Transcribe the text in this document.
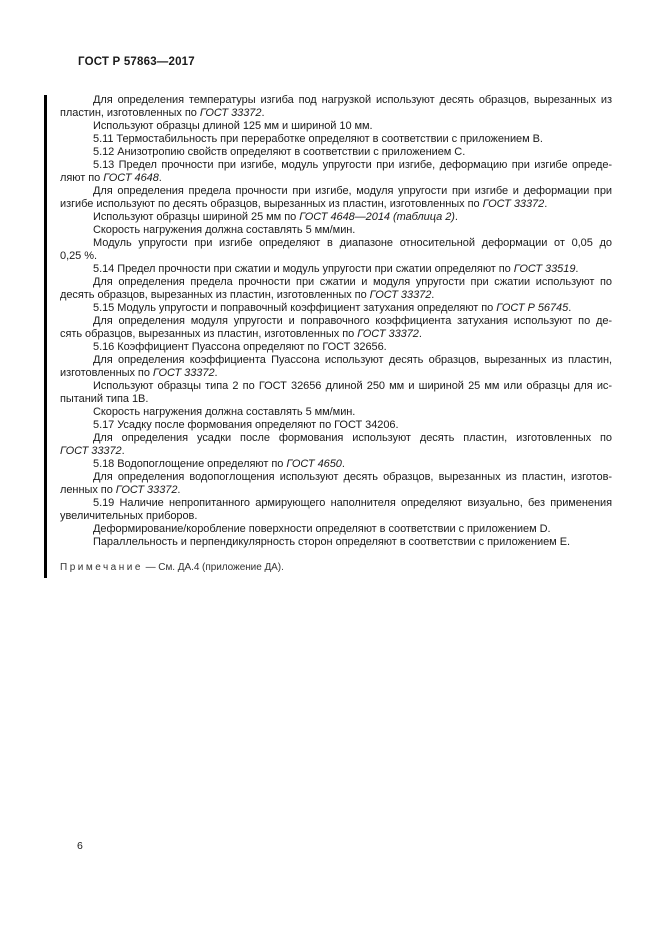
ГОСТ Р 57863—2017
Для определения температуры изгиба под нагрузкой используют десять образцов, вырезанных из
пластин, изготовленных по ГОСТ 33372.
Используют образцы длиной 125 мм и шириной 10 мм.
5.11 Термостабильность при переработке определяют в соответствии с приложением B.
5.12 Анизотропию свойств определяют в соответствии с приложением C.
5.13 Предел прочности при изгибе, модуль упругости при изгибе, деформацию при изгибе опреде-
ляют по ГОСТ 4648.
Для определения предела прочности при изгибе, модуля упругости при изгибе и деформации при
изгибе используют по десять образцов, вырезанных из пластин, изготовленных по ГОСТ 33372.
Используют образцы шириной 25 мм по ГОСТ 4648—2014 (таблица 2).
Скорость нагружения должна составлять 5 мм/мин.
Модуль упругости при изгибе определяют в диапазоне относительной деформации от 0,05 до
0,25 %.
5.14 Предел прочности при сжатии и модуль упругости при сжатии определяют по ГОСТ 33519.
Для определения предела прочности при сжатии и модуля упругости при сжатии используют по
десять образцов, вырезанных из пластин, изготовленных по ГОСТ 33372.
5.15 Модуль упругости и поправочный коэффициент затухания определяют по ГОСТ Р 56745.
Для определения модуля упругости и поправочного коэффициента затухания используют по де-
сять образцов, вырезанных из пластин, изготовленных по ГОСТ 33372.
5.16 Коэффициент Пуассона определяют по ГОСТ 32656.
Для определения коэффициента Пуассона используют десять образцов, вырезанных из пластин,
изготовленных по ГОСТ 33372.
Используют образцы типа 2 по ГОСТ 32656 длиной 250 мм и шириной 25 мм или образцы для ис-
пытаний типа 1В.
Скорость нагружения должна составлять 5 мм/мин.
5.17 Усадку после формования определяют по ГОСТ 34206.
Для определения усадки после формования используют десять пластин, изготовленных по
ГОСТ 33372.
5.18 Водопоглощение определяют по ГОСТ 4650.
Для определения водопоглощения используют десять образцов, вырезанных из пластин, изготов-
ленных по ГОСТ 33372.
5.19 Наличие непропитанного армирующего наполнителя определяют визуально, без применения
увеличительных приборов.
Деформирование/коробление поверхности определяют в соответствии с приложением D.
Параллельность и перпендикулярность сторон определяют в соответствии с приложением E.
Примечание — См. ДА.4 (приложение ДА).
6
